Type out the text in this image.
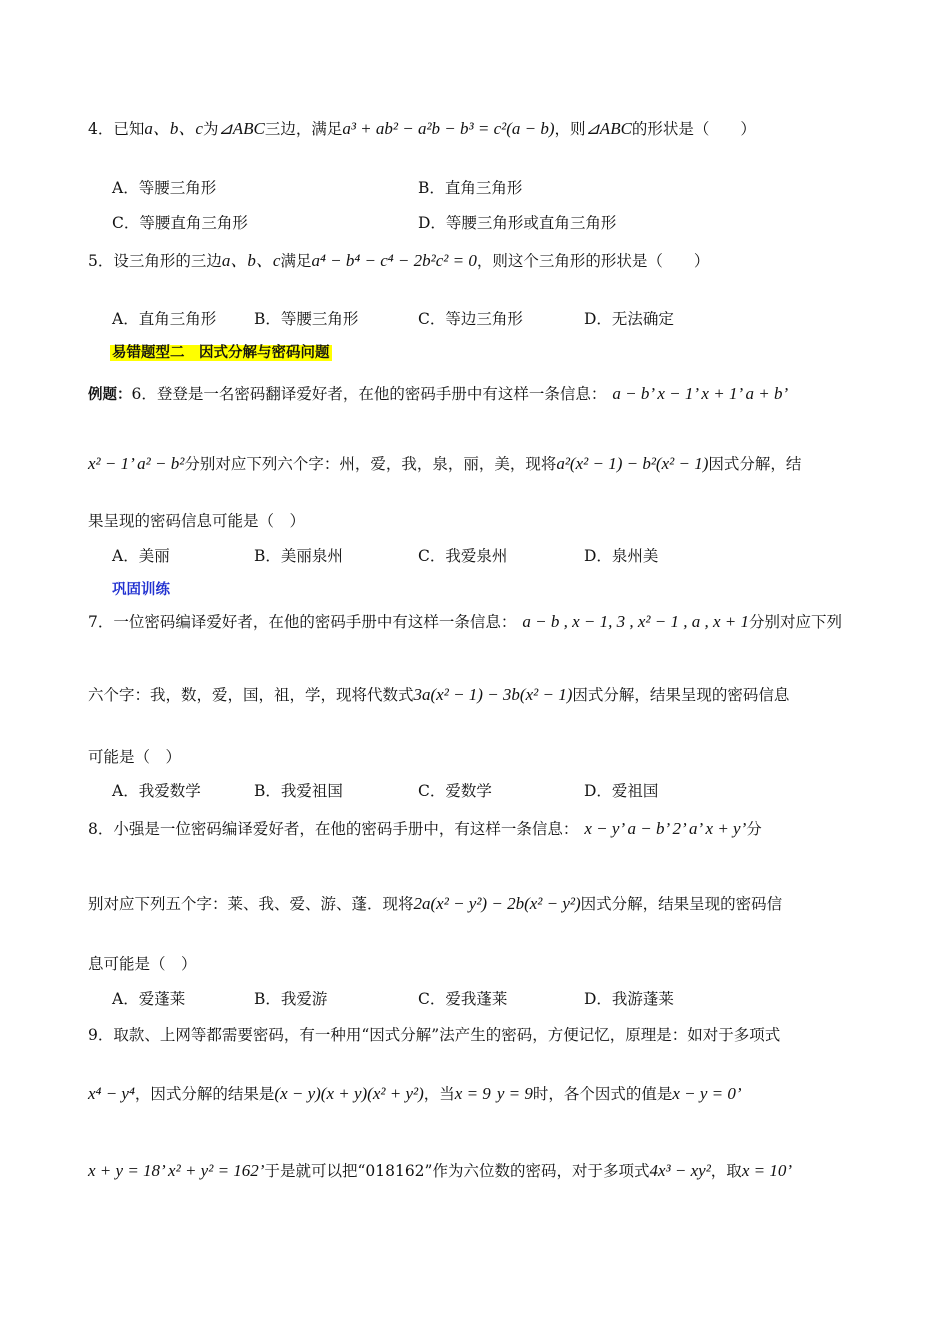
4．已知a、b、c为⊿ABC三边，满足a³ + ab² − a²b − b³ = c²(a − b)，则⊿ABC的形状是（　　）
A．等腰三角形	B．直角三角形
C．等腰直角三角形	D．等腰三角形或直角三角形
5．设三角形的三边a、b、c满足a⁴ − b⁴ − c⁴ − 2b²c² = 0，则这个三角形的形状是（　　）
A．直角三角形 B．等腰三角形	C．等边三角形	D．无法确定
易错题型二　因式分解与密码问题
例题：6．登登是一名密码翻译爱好者，在他的密码手册中有这样一条信息： a − b’ x − 1’ x + 1’ a + b’
x² − 1’ a² − b²分别对应下列六个字：州，爱，我，泉，丽，美，现将a²(x² − 1) − b²(x² − 1)因式分解，结
果呈现的密码信息可能是（　）
A．美丽	B．美丽泉州	C．我爱泉州	D．泉州美
巩固训练
7．一位密码编译爱好者，在他的密码手册中有这样一条信息： a − b , x − 1, 3 , x² − 1 , a , x + 1分别对应下列
六个字：我，数，爱，国，祖，学，现将代数式3a(x² − 1) − 3b(x² − 1)因式分解，结果呈现的密码信息
可能是（　）
A．我爱数学	B．我爱祖国	C．爱数学	D．爱祖国
8．小强是一位密码编译爱好者，在他的密码手册中，有这样一条信息： x − y’ a − b’ 2’ a’ x + y’分
别对应下列五个字：莱、我、爱、游、蓬．现将2a(x² − y²) − 2b(x² − y²)因式分解，结果呈现的密码信
息可能是（　）
A．爱蓬莱	B．我爱游	C．爱我蓬莱	D．我游蓬莱
9．取款、上网等都需要密码，有一种用“因式分解”法产生的密码，方便记忆，原理是：如对于多项式
x⁴ − y⁴，因式分解的结果是(x − y)(x + y)(x² + y²)，当x = 9 y = 9时，各个因式的值是x − y = 0’
x + y = 18’ x² + y² = 162’于是就可以把“018162”作为六位数的密码，对于多项式4x³ − xy²，取x = 10’
